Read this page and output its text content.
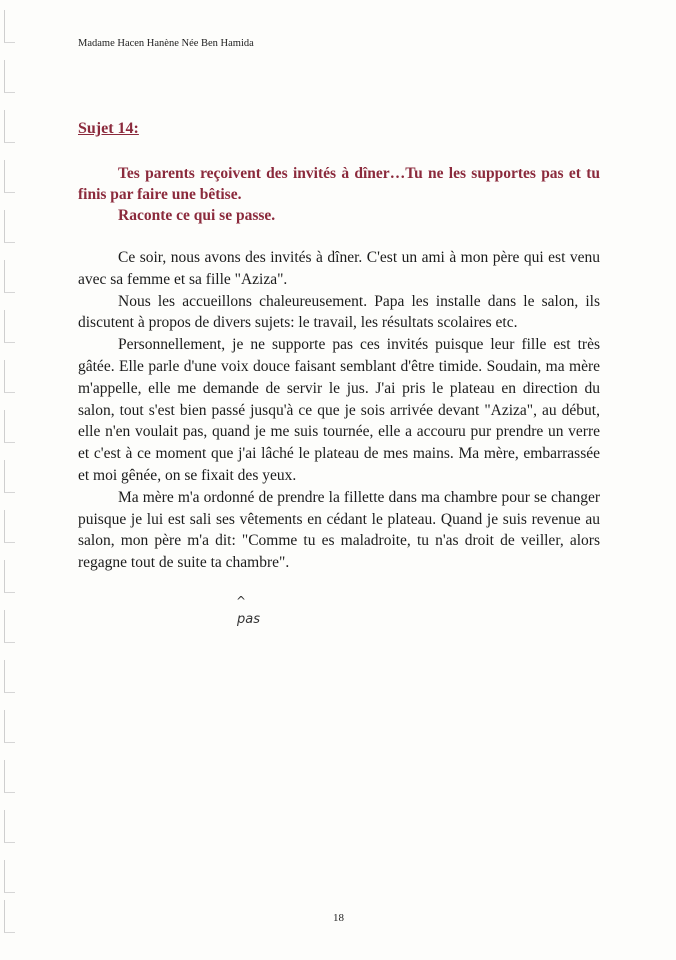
Madame Hacen Hanène Née Ben Hamida
Sujet 14:

Tes parents reçoivent des invités à dîner…Tu ne les supportes pas et tu finis par faire une bêtise.

Raconte ce qui se passe.

Ce soir, nous avons des invités à dîner. C'est un ami à mon père qui est venu avec sa femme et sa fille "Aziza".

Nous les accueillons chaleureusement. Papa les installe dans le salon, ils discutent à propos de divers sujets: le travail, les résultats scolaires etc.

Personnellement, je ne supporte pas ces invités puisque leur fille est très gâtée. Elle parle d'une voix douce faisant semblant d'être timide. Soudain, ma mère m'appelle, elle me demande de servir le jus. J'ai pris le plateau en direction du salon, tout s'est bien passé jusqu'à ce que je sois arrivée devant "Aziza", au début, elle n'en voulait pas, quand je me suis tournée, elle a accouru pur prendre un verre et c'est à ce moment que j'ai lâché le plateau de mes mains. Ma mère, embarrassée et moi gênée, on se fixait des yeux.

Ma mère m'a ordonné de prendre la fillette dans ma chambre pour se changer puisque je lui est sali ses vêtements en cédant le plateau. Quand je suis revenue au salon, mon père m'a dit: "Comme tu es maladroite, tu n'as droit de veiller, alors regagne tout de suite ta chambre".

^
pas
18
